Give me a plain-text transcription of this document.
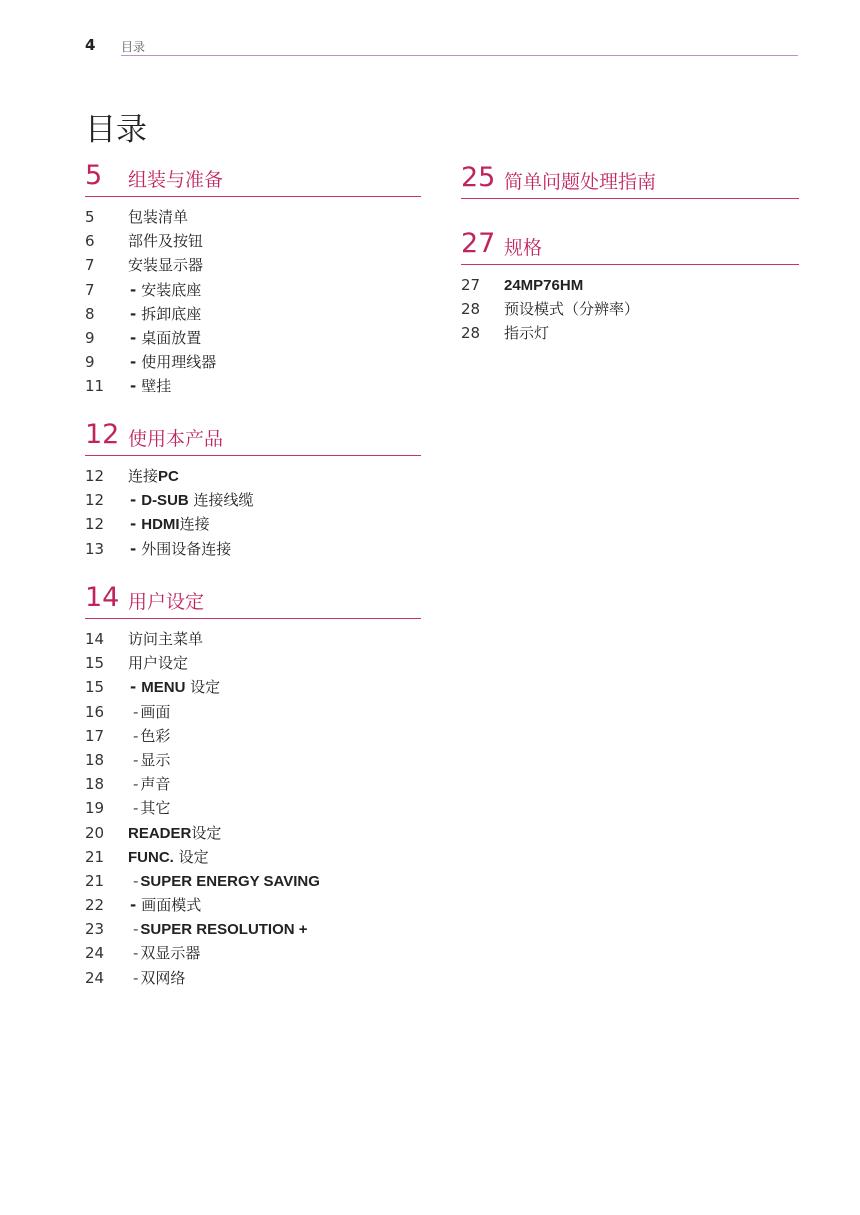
4 目录
目录
5 组装与准备
5 包装清单
6 部件及按钮
7 安装显示器
7 - 安装底座
8 - 拆卸底座
9 - 桌面放置
9 - 使用理线器
11 - 壁挂
12 使用本产品
12 连接PC
12 - D-SUB 连接线缆
12 - HDMI连接
13 - 外围设备连接
14 用户设定
14 访问主菜单
15 用户设定
15 - MENU 设定
16	- 画面
17	- 色彩
18	- 显示
18	- 声音
19	- 其它
20 READER设定
21 FUNC. 设定
21	- SUPER ENERGY SAVING
22 - 画面模式
23	- SUPER RESOLUTION +
24	- 双显示器
24	- 双网络
25 简单问题处理指南
27 规格
27 24MP76HM
28 预设模式（分辨率）
28 指示灯
